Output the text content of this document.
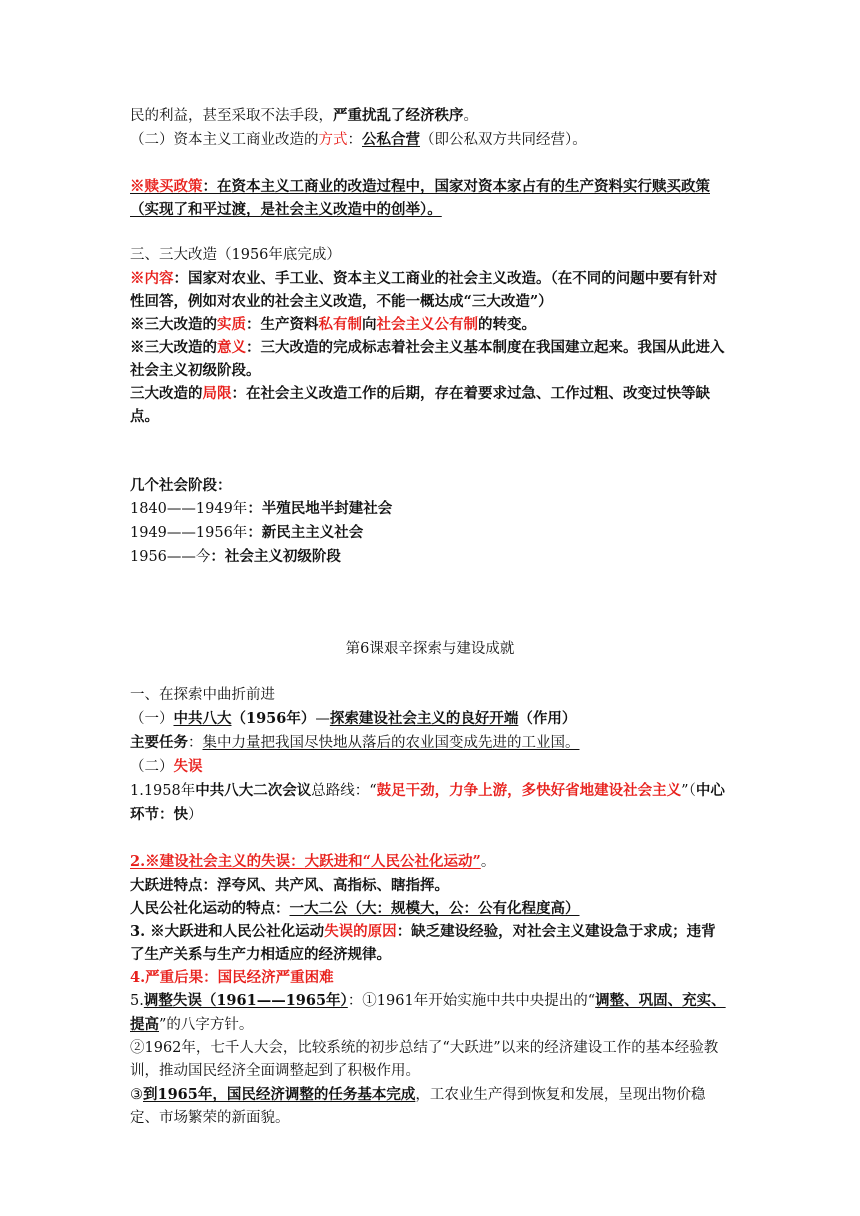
民的利益，甚至采取不法手段，严重扰乱了经济秩序。

（二）资本主义工商业改造的方式：公私合营（即公私双方共同经营）。

※赎买政策：在资本主义工商业的改造过程中，国家对资本家占有的生产资料实行赎买政策（实现了和平过渡，是社会主义改造中的创举）。

三、三大改造（1956年底完成）

※内容：国家对农业、手工业、资本主义工商业的社会主义改造。（在不同的问题中要有针对性回答，例如对农业的社会主义改造，不能一概达成“三大改造”）

※三大改造的实质：生产资料私有制向社会主义公有制的转变。

※三大改造的意义：三大改造的完成标志着社会主义基本制度在我国建立起来。我国从此进入社会主义初级阶段。

三大改造的局限：在社会主义改造工作的后期，存在着要求过急、工作过粗、改变过快等缺点。

几个社会阶段：

1840——1949年：半殖民地半封建社会

1949——1956年：新民主主义社会

1956——今：社会主义初级阶段

第6课艰辛探索与建设成就

一、在探索中曲折前进

（一）中共八大（1956年）—探索建设社会主义的良好开端（作用）

主要任务：集中力量把我国尽快地从落后的农业国变成先进的工业国。

（二）失误

1.1958年中共八大二次会议总路线：“鼓足干劲，力争上游，多快好省地建设社会主义”（中心环节：快）

2.※建设社会主义的失误：大跃进和“人民公社化运动”。

大跃进特点：浮夸风、共产风、高指标、瞎指挥。

人民公社化运动的特点：一大二公（大：规模大，公：公有化程度高）

3. ※大跃进和人民公社化运动失误的原因：缺乏建设经验，对社会主义建设急于求成；违背了生产关系与生产力相适应的经济规律。

4.严重后果：国民经济严重困难

5.调整失误（1961——1965年）：①1961年开始实施中共中央提出的“调整、巩固、充实、提高”的八字方针。

②1962年，七千人大会，比较系统的初步总结了“大跃进”以来的经济建设工作的基本经验教训，推动国民经济全面调整起到了积极作用。

③到1965年，国民经济调整的任务基本完成，工农业生产得到恢复和发展，呈现出物价稳定、市场繁荣的新面貌。
